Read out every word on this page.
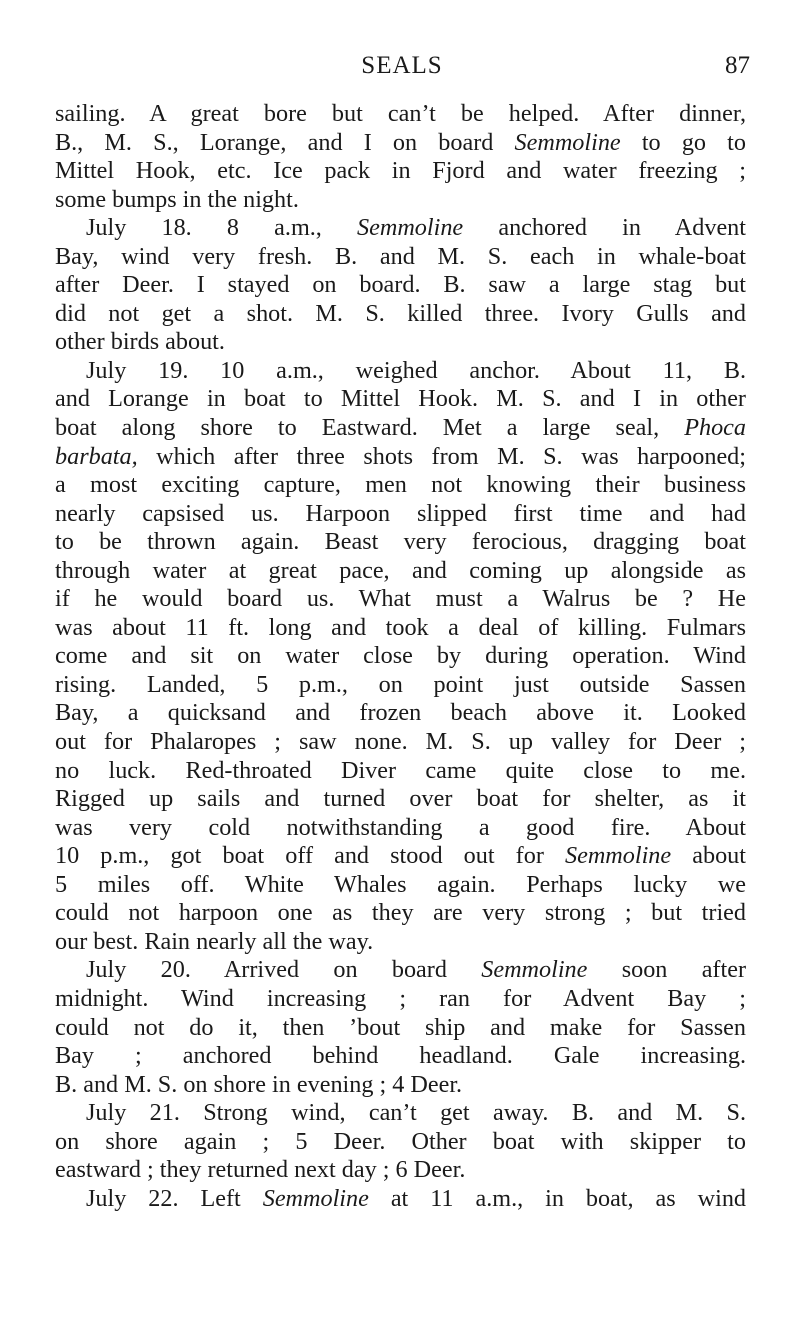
SEALS	87
sailing. A great bore but can’t be helped. After dinner,
B., M. S., Lorange, and I on board Semmoline to go to
Mittel Hook, etc. Ice pack in Fjord and water freezing ;
some bumps in the night.
July 18. 8 a.m., Semmoline anchored in Advent
Bay, wind very fresh. B. and M. S. each in whale-boat
after Deer. I stayed on board. B. saw a large stag but
did not get a shot. M. S. killed three. Ivory Gulls and
other birds about.
July 19. 10 a.m., weighed anchor. About 11, B.
and Lorange in boat to Mittel Hook. M. S. and I in other
boat along shore to Eastward. Met a large seal, Phoca
barbata, which after three shots from M. S. was harpooned;
a most exciting capture, men not knowing their business
nearly capsised us. Harpoon slipped first time and had
to be thrown again. Beast very ferocious, dragging boat
through water at great pace, and coming up alongside as
if he would board us. What must a Walrus be ? He
was about 11 ft. long and took a deal of killing. Fulmars
come and sit on water close by during operation. Wind
rising. Landed, 5 p.m., on point just outside Sassen
Bay, a quicksand and frozen beach above it. Looked
out for Phalaropes ; saw none. M. S. up valley for Deer ;
no luck. Red-throated Diver came quite close to me.
Rigged up sails and turned over boat for shelter, as it
was very cold notwithstanding a good fire. About
10 p.m., got boat off and stood out for Semmoline about
5 miles off. White Whales again. Perhaps lucky we
could not harpoon one as they are very strong ; but tried
our best. Rain nearly all the way.
July 20. Arrived on board Semmoline soon after
midnight. Wind increasing ; ran for Advent Bay ;
could not do it, then ’bout ship and make for Sassen
Bay ; anchored behind headland. Gale increasing.
B. and M. S. on shore in evening ; 4 Deer.
July 21. Strong wind, can’t get away. B. and M. S.
on shore again ; 5 Deer. Other boat with skipper to
eastward ; they returned next day ; 6 Deer.
July 22. Left Semmoline at 11 a.m., in boat, as wind
